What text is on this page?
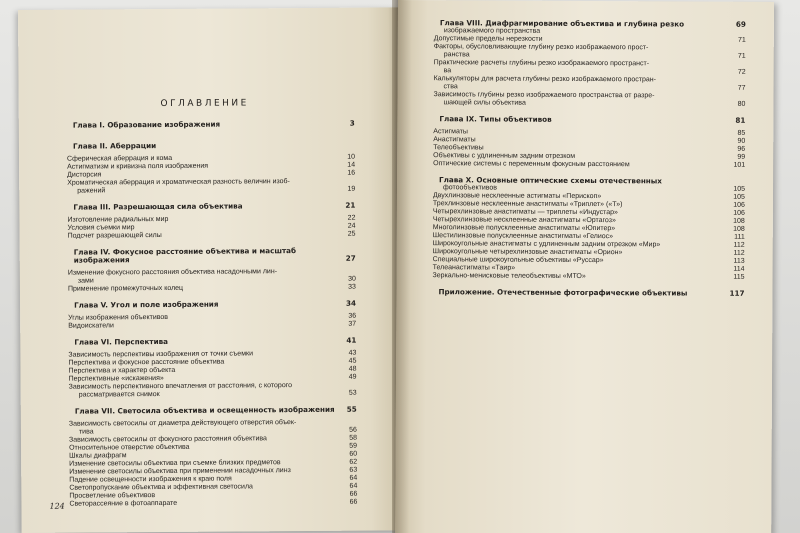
ОГЛАВЛЕНИЕ
Глава I. Образование изображения	3
Глава II. Аберрации
Сферическая аберрация и кома	10
Астигматизм и кривизна поля изображения	14
Дисторсия	16
Хроматическая аберрация и хроматическая разность величин изоб-
ражений	19
Глава III. Разрешающая сила объектива	21
Изготовление радиальных мир	22
Условия съемки мир	24
Подсчет разрешающей силы	25
Глава IV. Фокусное расстояние объектива и масштаб изображения	27
Изменение фокусного расстояния объектива насадочными лин-
зами	30
Применение промежуточных колец	33
Глава V. Угол и поле изображения	34
Углы изображения объективов	36
Видоискатели	37
Глава VI. Перспектива	41
Зависимость перспективы изображения от точки съемки	43
Перспектива и фокусное расстояние объектива	45
Перспектива и характер объекта	48
Перспективные «искажения»	49
Зависимость перспективного впечатления от расстояния, с которого
рассматривается снимок	53
Глава VII. Светосила объектива и освещенность изображения	55
Зависимость светосилы от диаметра действующего отверстия объек-
тива	56
Зависимость светосилы от фокусного расстояния объектива	58
Относительное отверстие объектива	59
Шкалы диафрагм	60
Изменение светосилы объектива при съемке близких предметов	62
Изменение светосилы объектива при применении насадочных линз	63
Падение освещенности изображения к краю поля	64
Светопропускание объектива и эффективная светосила	64
Просветление объективов	66
Светорассеяние в фотоаппарате	66
124
Глава VIII. Диафрагмирование объектива и глубина резко	69
изображаемого пространства
Допустимые пределы нерезкости	71
Факторы, обусловливающие глубину резко изображаемого прост-
ранства	71
Практические расчеты глубины резко изображаемого пространст-
ва	72
Калькуляторы для расчета глубины резко изображаемого простран-
ства	77
Зависимость глубины резко изображаемого пространства от разре-
шающей силы объектива	80
Глава IX. Типы объективов	81
Астигматы	85
Анастигматы	90
Телеобъективы	96
Объективы с удлиненным задним отрезком	99
Оптические системы с переменным фокусным расстоянием	101
Глава X. Основные оптические схемы отечественных
фотообъективов	105
Двухлинзовые несклеенные астигматы «Перископ»	105
Трехлинзовые несклеенные анастигматы «Триплет» («Т»)	106
Четырехлинзовые анастигматы — триплеты «Индустар»	106
Четырехлинзовые несклеенные анастигматы «Ортагоз»	108
Многолинзовые полусклеенные анастигматы «Юпитер»	108
Шестилинзовые полусклеенные анастигматы «Гелиос»	111
Широкоугольные анастигматы с удлиненным задним отрезком «Мир»	112
Широкоугольные четырехлинзовые анастигматы «Орион»	112
Специальные широкоугольные объективы «Руссар»	113
Телеанастигматы «Таир»	114
Зеркально-менисковые телеобъективы «МТО»	115
Приложение. Отечественные фотографические объективы	117
